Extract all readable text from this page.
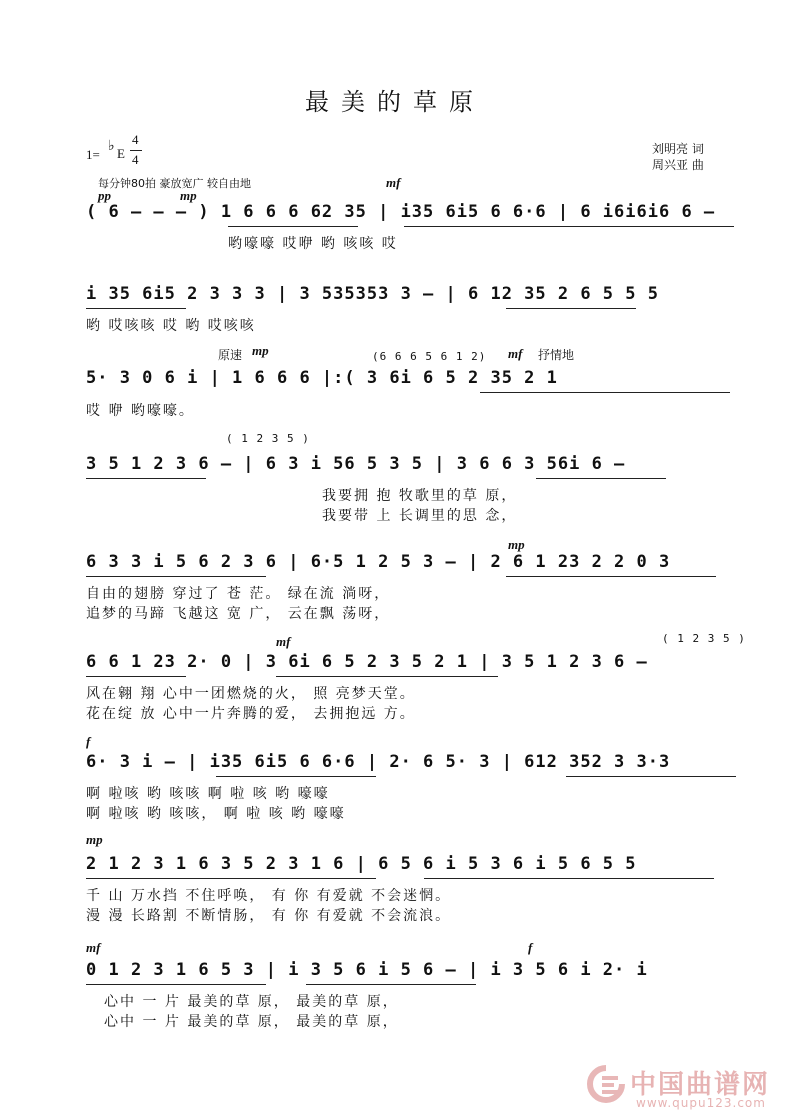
最美的草原
1=
♭ E
4
4
刘明亮 词
周兴亚 曲
每分钟80拍 豪放宽广 较自由地
pp	mp
mf
原速 mp	(6 6 6 5 6 1 2) mf 抒情地
( 1 2 3 5 )
mp
mf	( 1 2 3 5 )
f
mp
mf	f
( 6 – – – ) 1 6 6 6 62 35 | i35 6i5 6 6·6 | 6 i6i6i6 6 –
哟嚎嚎 哎咿 哟 咳咳 哎
i 35 6i5 2 3 3 3 | 3 535353 3 – | 6 12 35 2 6 5 5 5
哟 哎咳咳 哎 哟 哎咳咳
5· 3 0 6 i | 1 6 6 6 |:( 3 6i 6 5 2 35 2 1
哎 咿 哟嚎嚎。
3 5 1 2 3 6 – | 6 3 i 56 5 3 5 | 3 6 6 3 56i 6 –
我要拥 抱 牧歌里的草 原，
我要带 上 长调里的思 念，
6 3 3 i 5 6 2 3 6 | 6·5 1 2 5 3 – | 2 6 1 23 2 2 0 3
自由的翅膀 穿过了 苍 茫。 绿在流 淌呀，
追梦的马蹄 飞越这 宽 广， 云在飘 荡呀，
6 6 1 23 2· 0 | 3 6i 6 5 2 3 5 2 1 | 3 5 1 2 3 6 –
风在翱 翔 心中一团燃烧的火， 照 亮梦天堂。
花在绽 放 心中一片奔腾的爱， 去拥抱远 方。
6· 3 i – | i35 6i5 6 6·6 | 2· 6 5· 3 | 612 352 3 3·3
啊 啦咳 哟 咳咳 啊 啦 咳 哟 嚎嚎
啊 啦咳 哟 咳咳， 啊 啦 咳 哟 嚎嚎
2 1 2 3 1 6 3 5 2 3 1 6 | 6 5 6 i 5 3 6 i 5 6 5 5
千 山 万水挡 不住呼唤， 有 你 有爱就 不会迷惘。
漫 漫 长路割 不断情肠， 有 你 有爱就 不会流浪。
0 1 2 3 1 6 5 3 | i 3 5 6 i 5 6 – | i 3 5 6 i 2· i
心中 一 片 最美的草 原， 最美的草 原，
心中 一 片 最美的草 原， 最美的草 原，
中国曲谱网
www.qupu123.com
